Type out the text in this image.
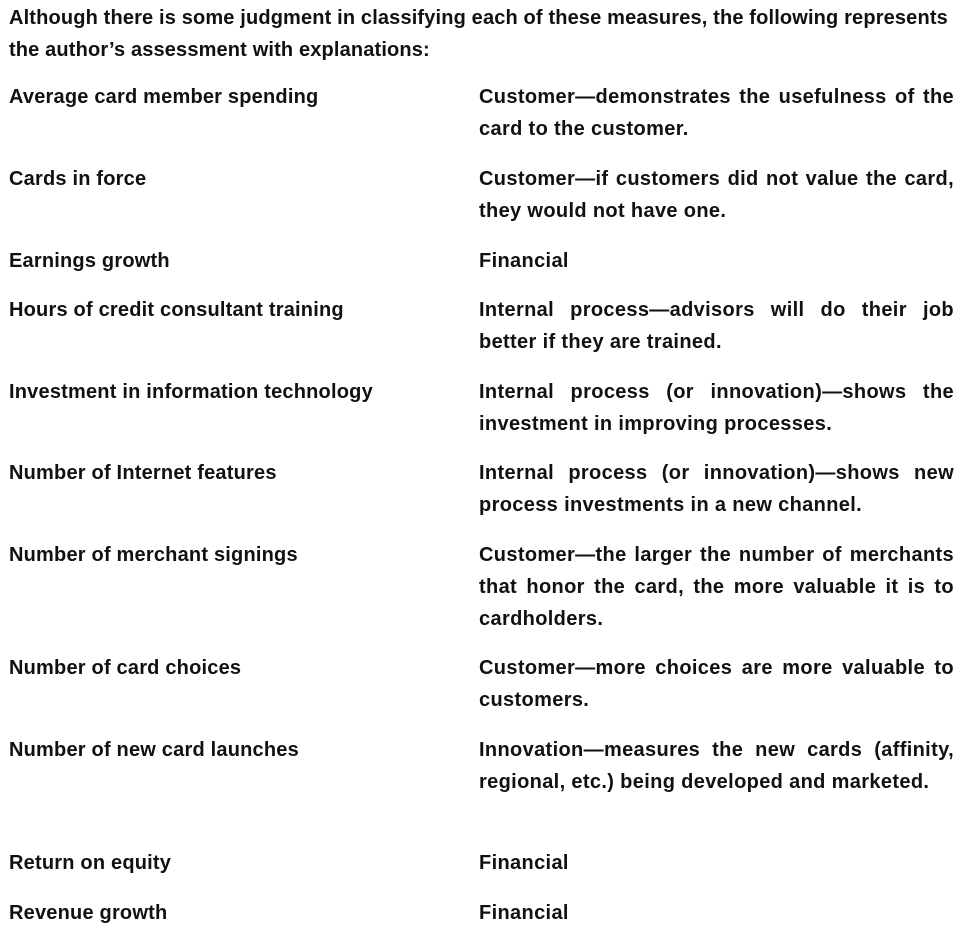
Although there is some judgment in classifying each of these measures, the following represents the author’s assessment with explanations:
Average card member spending	Customer—demonstrates the usefulness of the card to the customer.
Cards in force	Customer—if customers did not value the card, they would not have one.
Earnings growth	Financial
Hours of credit consultant training	Internal process—advisors will do their job better if they are trained.
Investment in information technology	Internal process (or innovation)—shows the investment in improving processes.
Number of Internet features	Internal process (or innovation)—shows new process investments in a new channel.
Number of merchant signings	Customer—the larger the number of merchants that honor the card, the more valuable it is to cardholders.
Number of card choices	Customer—more choices are more valuable to customers.
Number of new card launches	Innovation—measures the new cards (affinity, regional, etc.) being developed and marketed.
Return on equity	Financial
Revenue growth	Financial
